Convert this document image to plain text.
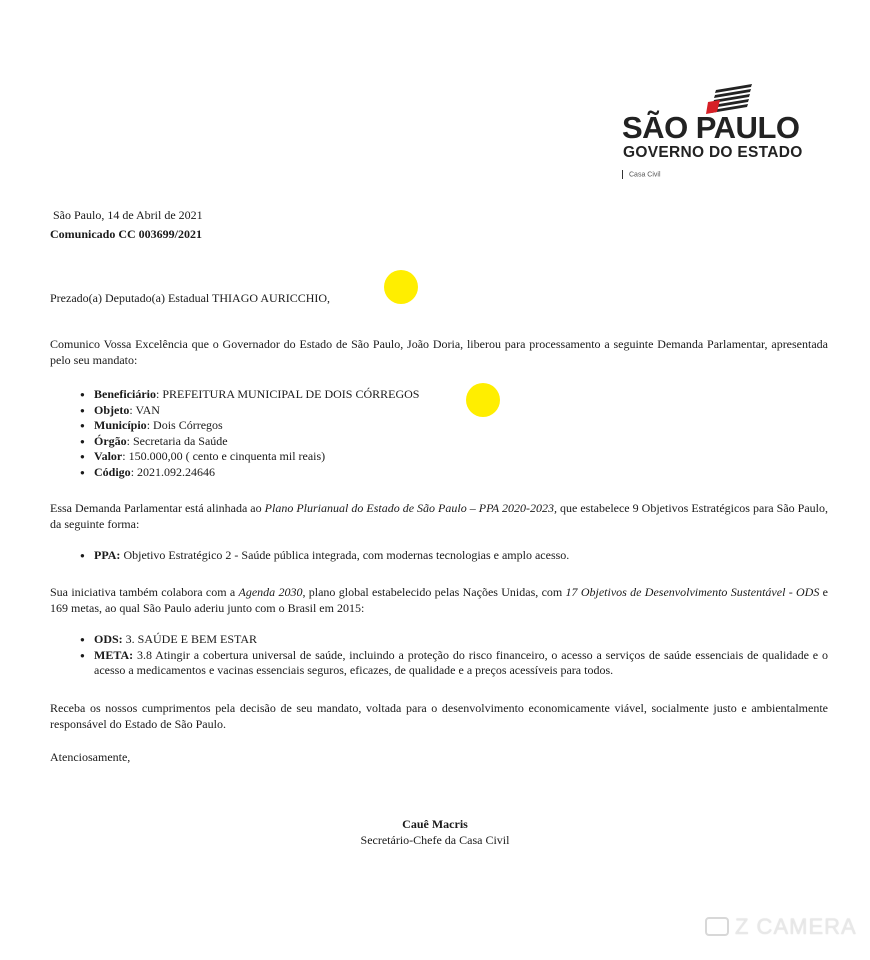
SÃO PAULO
GOVERNO DO ESTADO
Casa Civil
São Paulo, 14 de Abril de 2021
Comunicado CC 003699/2021
Prezado(a) Deputado(a) Estadual THIAGO AURICCHIO,
Comunico Vossa Excelência que o Governador do Estado de São Paulo, João Doria, liberou para processamento a seguinte Demanda Parlamentar, apresentada pelo seu mandato:
● Beneficiário: PREFEITURA MUNICIPAL DE DOIS CÓRREGOS
● Objeto: VAN
● Município: Dois Córregos
● Órgão: Secretaria da Saúde
● Valor: 150.000,00 ( cento e cinquenta mil reais)
● Código: 2021.092.24646
Essa Demanda Parlamentar está alinhada ao Plano Plurianual do Estado de São Paulo – PPA 2020-2023, que estabelece 9 Objetivos Estratégicos para São Paulo, da seguinte forma:
● PPA: Objetivo Estratégico 2 - Saúde pública integrada, com modernas tecnologias e amplo acesso.
Sua iniciativa também colabora com a Agenda 2030, plano global estabelecido pelas Nações Unidas, com 17 Objetivos de Desenvolvimento Sustentável - ODS e 169 metas, ao qual São Paulo aderiu junto com o Brasil em 2015:
● ODS: 3. SAÚDE E BEM ESTAR
● META: 3.8 Atingir a cobertura universal de saúde, incluindo a proteção do risco financeiro, o acesso a serviços de saúde essenciais de qualidade e o acesso a medicamentos e vacinas essenciais seguros, eficazes, de qualidade e a preços acessíveis para todos.
Receba os nossos cumprimentos pela decisão de seu mandato, voltada para o desenvolvimento economicamente viável, socialmente justo e ambientalmente responsável do Estado de São Paulo.
Atenciosamente,
Cauê Macris
Secretário-Chefe da Casa Civil
Z CAMERA
